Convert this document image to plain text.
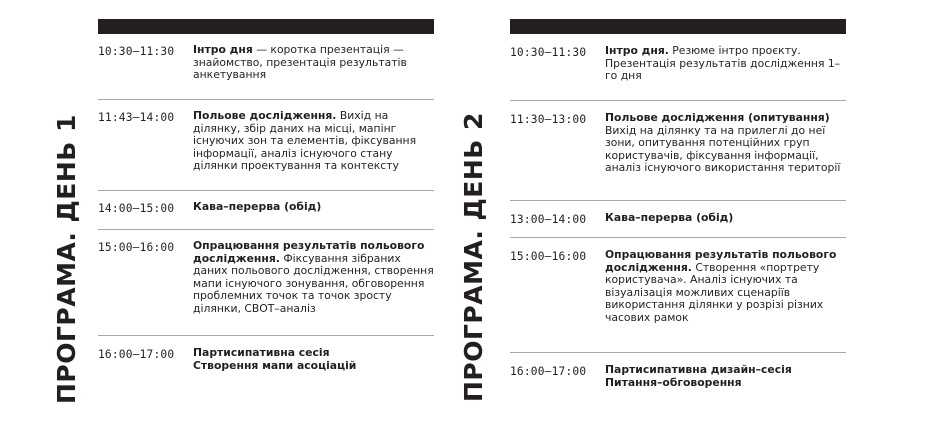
ПРОГРАМА. ДЕНЬ 1	ПРОГРАМА. ДЕНЬ 2
10:30–11:30 Інтро дня — коротка презентація — знайомство, презентація результатів анкетування
11:43–14:00 Польове дослідження. Вихід на ділянку, збір даних на місці, мапінг існуючих зон та елементів, фіксування інформації, аналіз існуючого стану ділянки проектування та контексту
14:00–15:00 Кава–перерва (обід)
15:00–16:00 Опрацювання результатів польового дослідження. Фіксування зібраних даних польового дослідження, створення мапи існуючого зонування, обговорення проблемних точок та точок зросту ділянки, СВОТ–аналіз
16:00–17:00 Партисипативна сесія
Створення мапи асоціацій
10:30–11:30 Інтро дня. Резюме інтро проєкту. Презентація результатів дослідження 1–го дня
11:30–13:00 Польове дослідження (опитування)
Вихід на ділянку та на прилеглі до неї зони, опитування потенційних груп користувачів, фіксування інформації, аналіз існуючого використання території
13:00–14:00 Кава–перерва (обід)
15:00–16:00 Опрацювання результатів польового дослідження. Створення «портрету користувача». Аналіз існуючих та візуалізація можливих сценаріїв використання ділянки у розрізі різних часових рамок
16:00–17:00 Партисипативна дизайн–сесія
Питання–обговорення
